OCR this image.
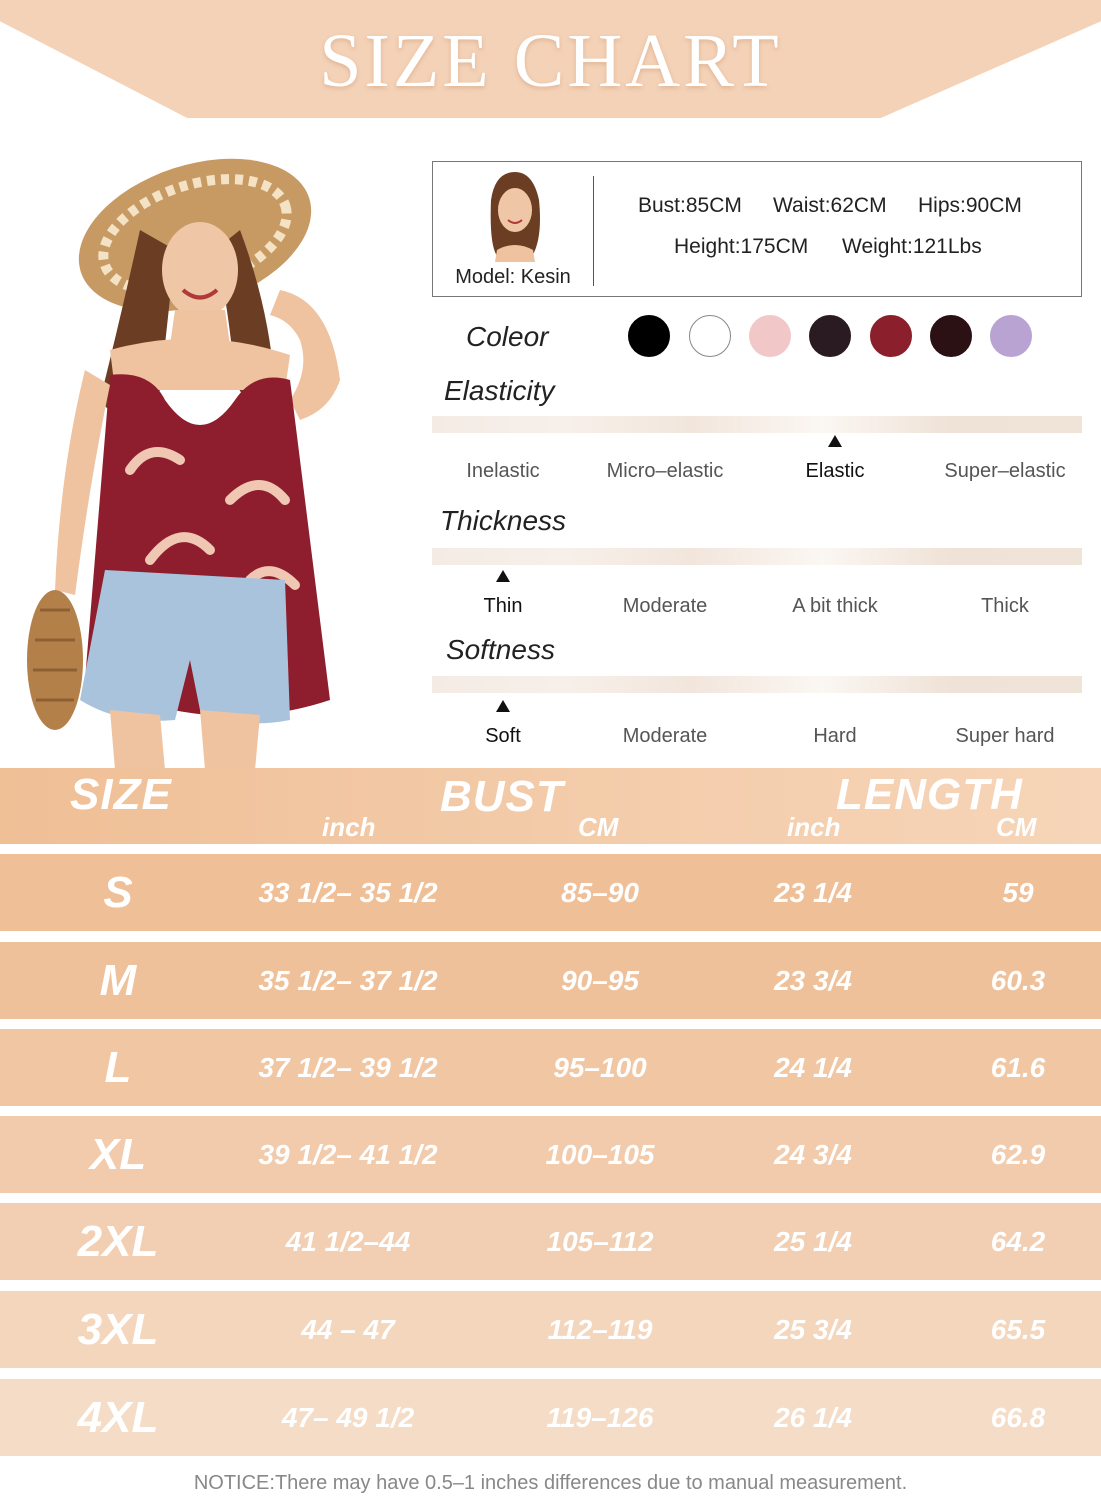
SIZE CHART
Model: Kesin
Bust:85CM Waist:62CM Hips:90CM
Height:175CM Weight:121Lbs
Coleor
Elasticity
Inelastic	Micro–elastic	Elastic	Super–elastic
Thickness
Thin	Moderate	A bit thick	Thick
Softness
Soft	Moderate	Hard	Super hard
SIZE	BUST	LENGTH
inch	CM	inch	CM
S	33 1/2– 35 1/2	85–90	23 1/4	59
M	35 1/2– 37 1/2	90–95	23 3/4	60.3
L	37 1/2– 39 1/2	95–100	24 1/4	61.6
XL	39 1/2– 41 1/2	100–105	24 3/4	62.9
2XL	41 1/2–44	105–112	25 1/4	64.2
3XL	44 – 47	112–119	25 3/4	65.5
4XL	47– 49 1/2	119–126	26 1/4	66.8
NOTICE:There may have 0.5–1 inches differences due to manual measurement.
